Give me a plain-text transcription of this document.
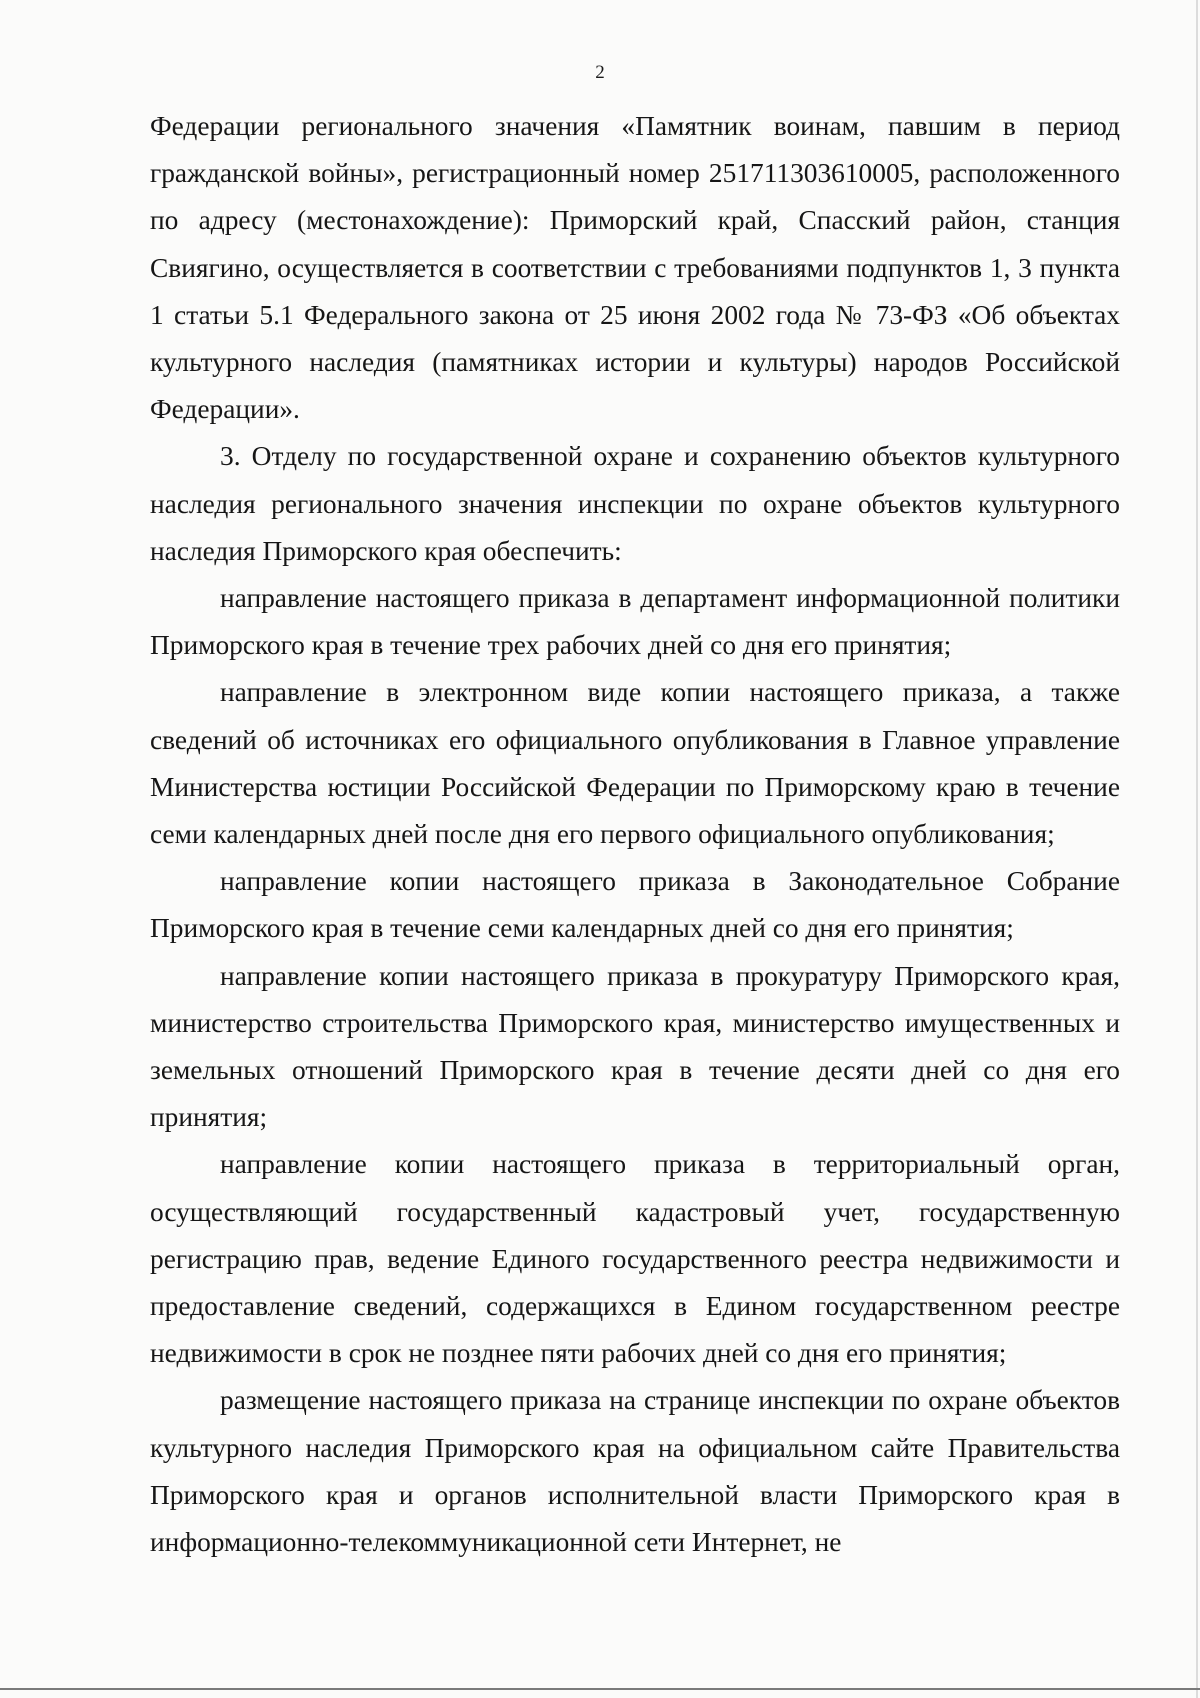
2

Федерации регионального значения «Памятник воинам, павшим в период гражданской войны», регистрационный номер 251711303610005, расположенного по адресу (местонахождение): Приморский край, Спасский район, станция Свиягино, осуществляется в соответствии с требованиями подпунктов 1, 3 пункта 1 статьи 5.1 Федерального закона от 25 июня 2002 года № 73-ФЗ «Об объектах культурного наследия (памятниках истории и культуры) народов Российской Федерации».

3. Отделу по государственной охране и сохранению объектов культурного наследия регионального значения инспекции по охране объектов культурного наследия Приморского края обеспечить:

направление настоящего приказа в департамент информационной политики Приморского края в течение трех рабочих дней со дня его принятия;

направление в электронном виде копии настоящего приказа, а также сведений об источниках его официального опубликования в Главное управление Министерства юстиции Российской Федерации по Приморскому краю в течение семи календарных дней после дня его первого официального опубликования;

направление копии настоящего приказа в Законодательное Собрание Приморского края в течение семи календарных дней со дня его принятия;

направление копии настоящего приказа в прокуратуру Приморского края, министерство строительства Приморского края, министерство имущественных и земельных отношений Приморского края в течение десяти дней со дня его принятия;

направление копии настоящего приказа в территориальный орган, осуществляющий государственный кадастровый учет, государственную регистрацию прав, ведение Единого государственного реестра недвижимости и предоставление сведений, содержащихся в Едином государственном реестре недвижимости в срок не позднее пяти рабочих дней со дня его принятия;

размещение настоящего приказа на странице инспекции по охране объектов культурного наследия Приморского края на официальном сайте Правительства Приморского края и органов исполнительной власти Приморского края в информационно-телекоммуникационной сети Интернет, не
